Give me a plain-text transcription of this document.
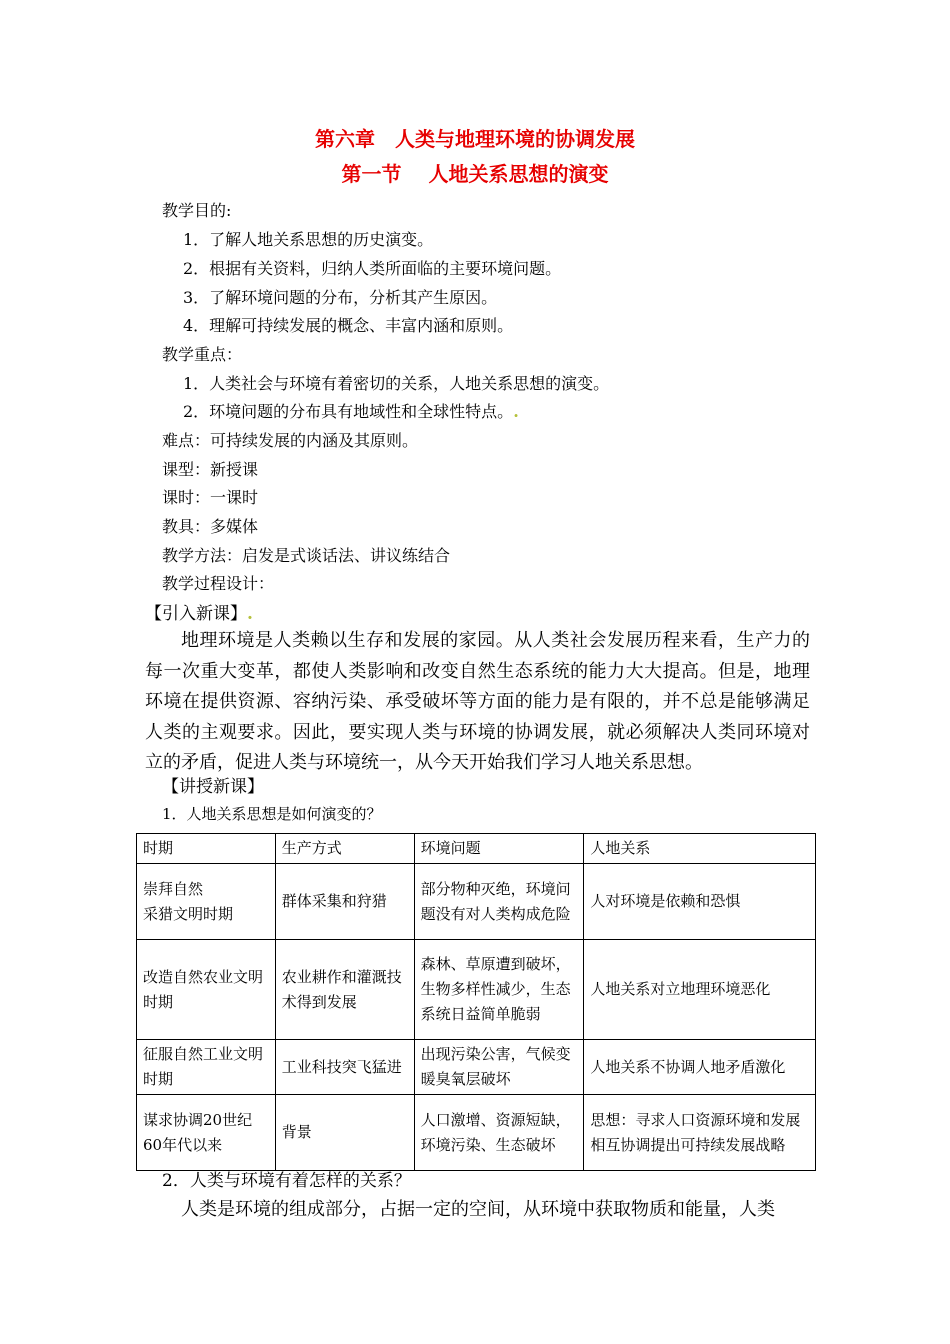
第六章　人类与地理环境的协调发展
第一节　 人地关系思想的演变
教学目的:
1．了解人地关系思想的历史演变。
2．根据有关资料，归纳人类所面临的主要环境问题。
3．了解环境问题的分布，分析其产生原因。
4．理解可持续发展的概念、丰富内涵和原则。
教学重点：
1．人类社会与环境有着密切的关系，人地关系思想的演变。
2．环境问题的分布具有地域性和全球性特点。.
难点：可持续发展的内涵及其原则。
课型：新授课
课时：一课时
教具：多媒体
教学方法：启发是式谈话法、讲议练结合
教学过程设计：
【引入新课】.
地理环境是人类赖以生存和发展的家园。从人类社会发展历程来看，生产力的每一次重大变革，都使人类影响和改变自然生态系统的能力大大提高。但是，地理环境在提供资源、容纳污染、承受破坏等方面的能力是有限的，并不总是能够满足人类的主观要求。因此，要实现人类与环境的协调发展，就必须解决人类同环境对立的矛盾，促进人类与环境统一，从今天开始我们学习人地关系思想。
【讲授新课】
1．人地关系思想是如何演变的？
时期	生产方式	环境问题	人地关系
崇拜自然
采猎文明时期	群体采集和狩猎	部分物种灭绝，环境问题没有对人类构成危险	人对环境是依赖和恐惧
改造自然农业文明时期	农业耕作和灌溉技术得到发展	森林、草原遭到破坏，生物多样性减少，生态系统日益简单脆弱	人地关系对立地理环境恶化
征服自然工业文明时期	工业科技突飞猛进	出现污染公害，气候变暖臭氧层破坏	人地关系不协调人地矛盾激化
谋求协调20世纪60年代以来	背景	人口激增、资源短缺，环境污染、生态破坏	思想：寻求人口资源环境和发展相互协调提出可持续发展战略
2．人类与环境有着怎样的关系？
人类是环境的组成部分，占据一定的空间，从环境中获取物质和能量，人类
